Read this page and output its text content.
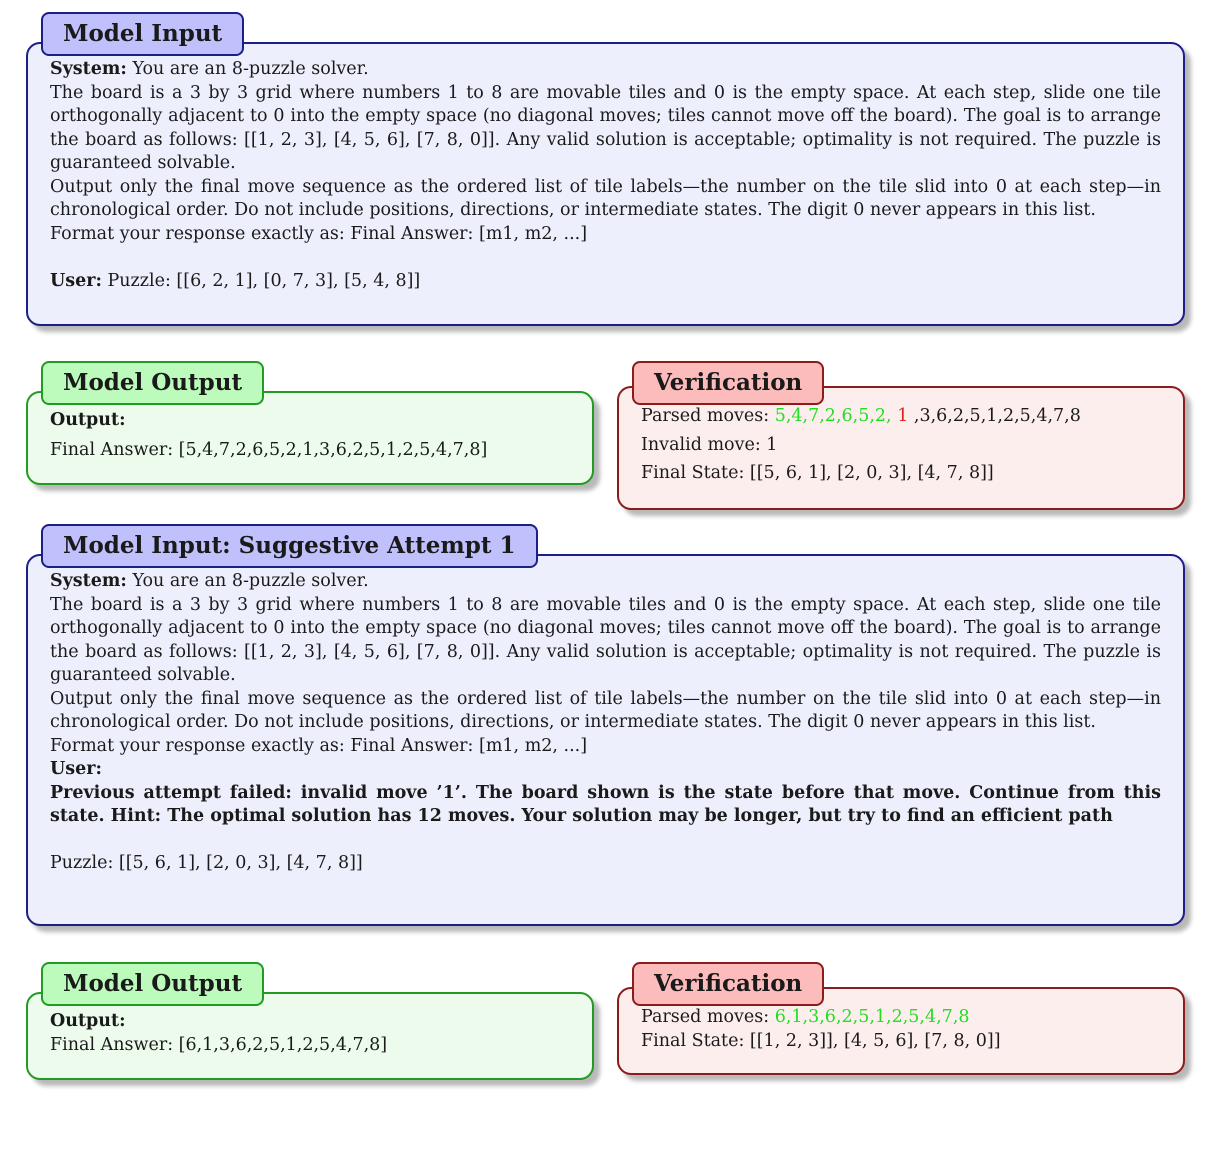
Model Input

System: You are an 8-puzzle solver.

The board is a 3 by 3 grid where numbers 1 to 8 are movable tiles and 0 is the empty space. At each step, slide one tile orthogonally adjacent to 0 into the empty space (no diagonal moves; tiles cannot move off the board). The goal is to arrange the board as follows: [[1, 2, 3], [4, 5, 6], [7, 8, 0]]. Any valid solution is acceptable; optimality is not required. The puzzle is guaranteed solvable.

Output only the final move sequence as the ordered list of tile labels—the number on the tile slid into 0 at each step—in chronological order. Do not include positions, directions, or intermediate states. The digit 0 never appears in this list.

Format your response exactly as: Final Answer: [m1, m2, ...]

User: Puzzle: [[6, 2, 1], [0, 7, 3], [5, 4, 8]]

Model Output

Output:

Final Answer: [5,4,7,2,6,5,2,1,3,6,2,5,1,2,5,4,7,8]

Verification

Parsed moves: 5,4,7,2,6,5,2, 1 ,3,6,2,5,1,2,5,4,7,8

Invalid move: 1

Final State: [[5, 6, 1], [2, 0, 3], [4, 7, 8]]

Model Input: Suggestive Attempt 1

System: You are an 8-puzzle solver.

The board is a 3 by 3 grid where numbers 1 to 8 are movable tiles and 0 is the empty space. At each step, slide one tile orthogonally adjacent to 0 into the empty space (no diagonal moves; tiles cannot move off the board). The goal is to arrange the board as follows: [[1, 2, 3], [4, 5, 6], [7, 8, 0]]. Any valid solution is acceptable; optimality is not required. The puzzle is guaranteed solvable.

Output only the final move sequence as the ordered list of tile labels—the number on the tile slid into 0 at each step—in chronological order. Do not include positions, directions, or intermediate states. The digit 0 never appears in this list.

Format your response exactly as: Final Answer: [m1, m2, ...]

User:

Previous attempt failed: invalid move ’1’. The board shown is the state before that move. Continue from this state. Hint: The optimal solution has 12 moves. Your solution may be longer, but try to find an efficient path

Puzzle: [[5, 6, 1], [2, 0, 3], [4, 7, 8]]

Model Output

Output:

Final Answer: [6,1,3,6,2,5,1,2,5,4,7,8]

Verification

Parsed moves: 6,1,3,6,2,5,1,2,5,4,7,8

Final State: [[1, 2, 3]], [4, 5, 6], [7, 8, 0]]
